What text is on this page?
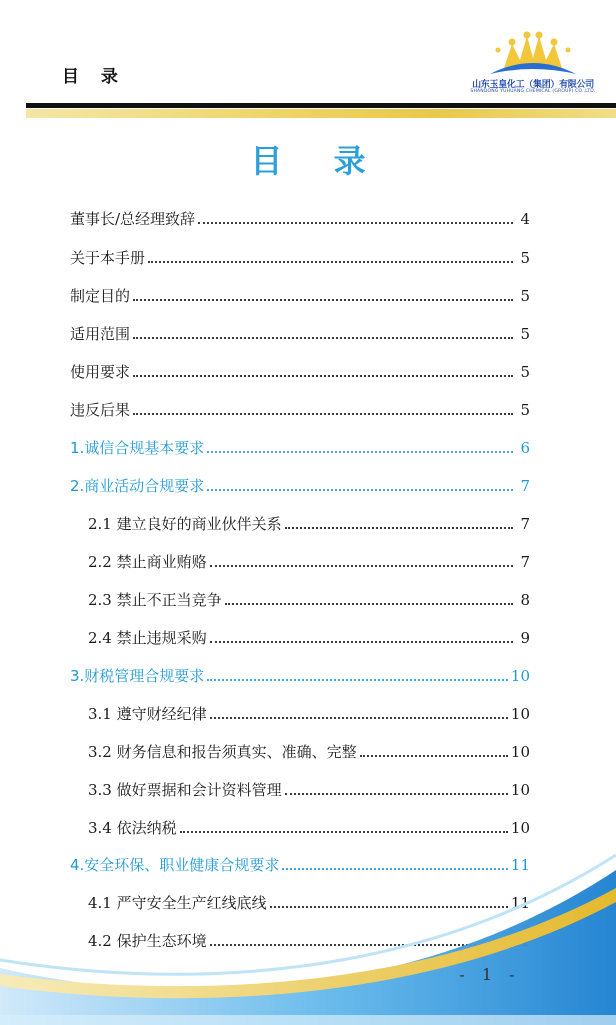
目 录	山东玉皇化工（集团）有限公司
SHANDONG YUHUANG CHEMICAL (GROUP) CO.,LTD.
目 录
董事长/总经理致辞	4
关于本手册	5
制定目的	5
适用范围	5
使用要求	5
违反后果	5
1.诚信合规基本要求	6
2.商业活动合规要求	7
2.1 建立良好的商业伙伴关系	7
2.2 禁止商业贿赂	7
2.3 禁止不正当竞争	8
2.4 禁止违规采购	9
3.财税管理合规要求	10
3.1 遵守财经纪律	10
3.2 财务信息和报告须真实、准确、完整	10
3.3 做好票据和会计资料管理	10
3.4 依法纳税	10
4.安全环保、职业健康合规要求	11
4.1 严守安全生产红线底线	11
4.2 保护生态环境
- 1 -
